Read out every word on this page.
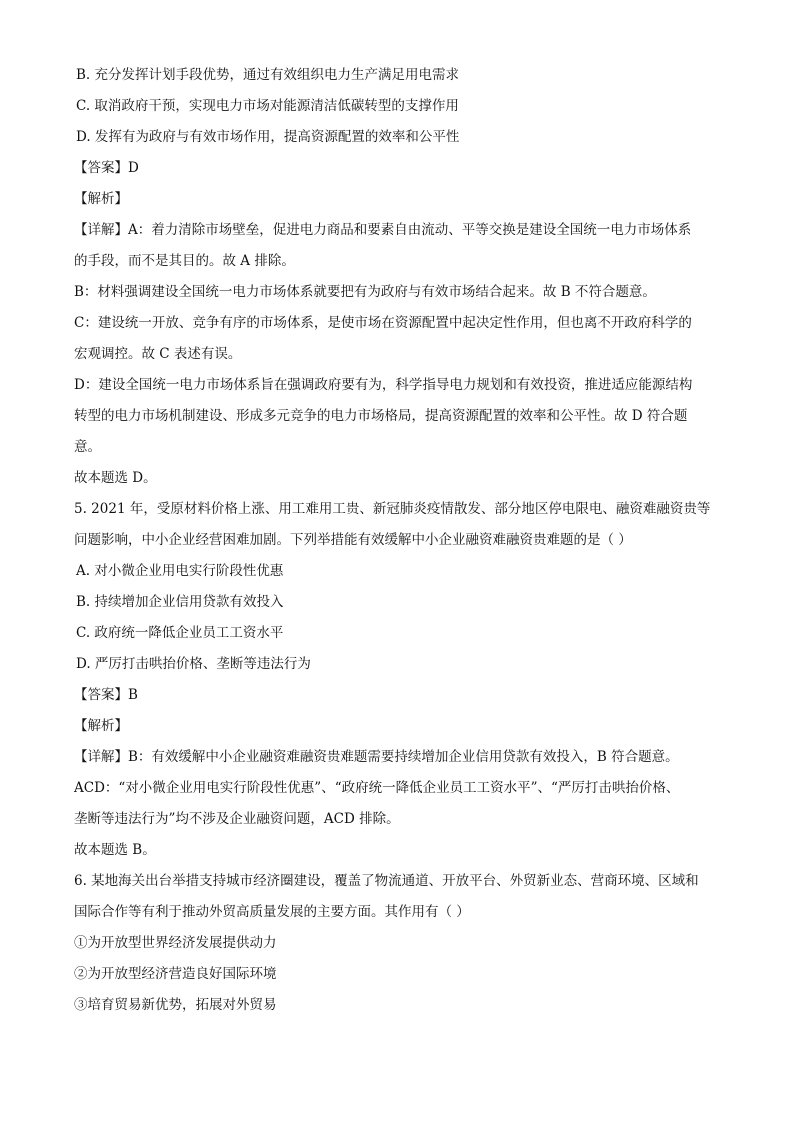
B. 充分发挥计划手段优势，通过有效组织电力生产满足用电需求
C. 取消政府干预，实现电力市场对能源清洁低碳转型的支撑作用
D. 发挥有为政府与有效市场作用，提高资源配置的效率和公平性
【答案】D
【解析】
【详解】A：着力清除市场壁垒，促进电力商品和要素自由流动、平等交换是建设全国统一电力市场体系
的手段，而不是其目的。故 A 排除。
B：材料强调建设全国统一电力市场体系就要把有为政府与有效市场结合起来。故 B 不符合题意。
C：建设统一开放、竞争有序的市场体系，是使市场在资源配置中起决定性作用，但也离不开政府科学的
宏观调控。故 C 表述有误。
D：建设全国统一电力市场体系旨在强调政府要有为，科学指导电力规划和有效投资，推进适应能源结构
转型的电力市场机制建设、形成多元竞争的电力市场格局，提高资源配置的效率和公平性。故 D 符合题
意。
故本题选 D。
5. 2021 年，受原材料价格上涨、用工难用工贵、新冠肺炎疫情散发、部分地区停电限电、融资难融资贵等
问题影响，中小企业经营困难加剧。下列举措能有效缓解中小企业融资难融资贵难题的是（ ）
A. 对小微企业用电实行阶段性优惠
B. 持续增加企业信用贷款有效投入
C. 政府统一降低企业员工工资水平
D. 严厉打击哄抬价格、垄断等违法行为
【答案】B
【解析】
【详解】B：有效缓解中小企业融资难融资贵难题需要持续增加企业信用贷款有效投入，B 符合题意。
ACD：“对小微企业用电实行阶段性优惠”、“政府统一降低企业员工工资水平”、“严厉打击哄抬价格、
垄断等违法行为”均不涉及企业融资问题，ACD 排除。
故本题选 B。
6. 某地海关出台举措支持城市经济圈建设，覆盖了物流通道、开放平台、外贸新业态、营商环境、区域和
国际合作等有利于推动外贸高质量发展的主要方面。其作用有（ ）
①为开放型世界经济发展提供动力
②为开放型经济营造良好国际环境
③培育贸易新优势，拓展对外贸易
